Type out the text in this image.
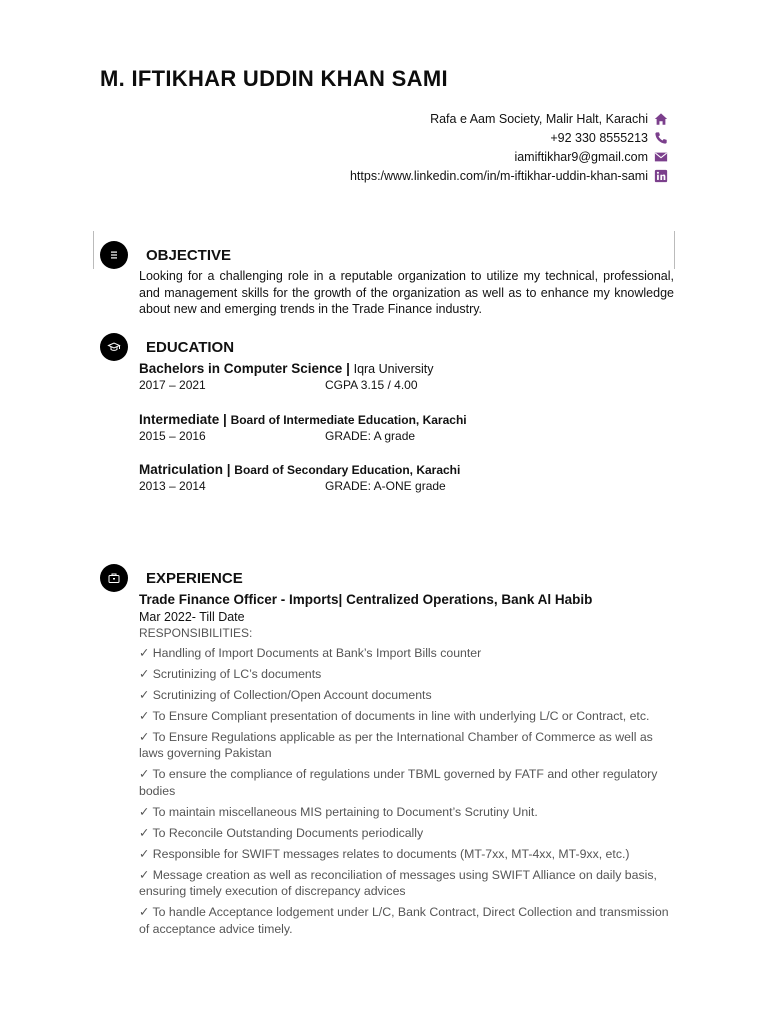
M. IFTIKHAR UDDIN KHAN SAMI
Rafa e Aam Society, Malir Halt, Karachi
+92 330 8555213
iamiftikhar9@gmail.com
https:/www.linkedin.com/in/m-iftikhar-uddin-khan-sami
OBJECTIVE
Looking for a challenging role in a reputable organization to utilize my technical, professional, and management skills for the growth of the organization as well as to enhance my knowledge about new and emerging trends in the Trade Finance industry.
EDUCATION
Bachelors in Computer Science | Iqra University
2017 – 2021	CGPA 3.15 / 4.00
Intermediate | Board of Intermediate Education, Karachi
2015 – 2016	GRADE: A grade
Matriculation | Board of Secondary Education, Karachi
2013 – 2014	GRADE: A-ONE grade
EXPERIENCE
Trade Finance Officer - Imports| Centralized Operations, Bank Al Habib
Mar 2022- Till Date
RESPONSIBILITIES:
✓ Handling of Import Documents at Bank’s Import Bills counter
✓ Scrutinizing of LC’s documents
✓ Scrutinizing of Collection/Open Account documents
✓ To Ensure Compliant presentation of documents in line with underlying L/C or Contract, etc.
✓ To Ensure Regulations applicable as per the International Chamber of Commerce as well as laws governing Pakistan
✓ To ensure the compliance of regulations under TBML governed by FATF and other regulatory bodies
✓ To maintain miscellaneous MIS pertaining to Document’s Scrutiny Unit.
✓ To Reconcile Outstanding Documents periodically
✓ Responsible for SWIFT messages relates to documents (MT-7xx, MT-4xx, MT-9xx, etc.)
✓ Message creation as well as reconciliation of messages using SWIFT Alliance on daily basis, ensuring timely execution of discrepancy advices
✓ To handle Acceptance lodgement under L/C, Bank Contract, Direct Collection and transmission of acceptance advice timely.
